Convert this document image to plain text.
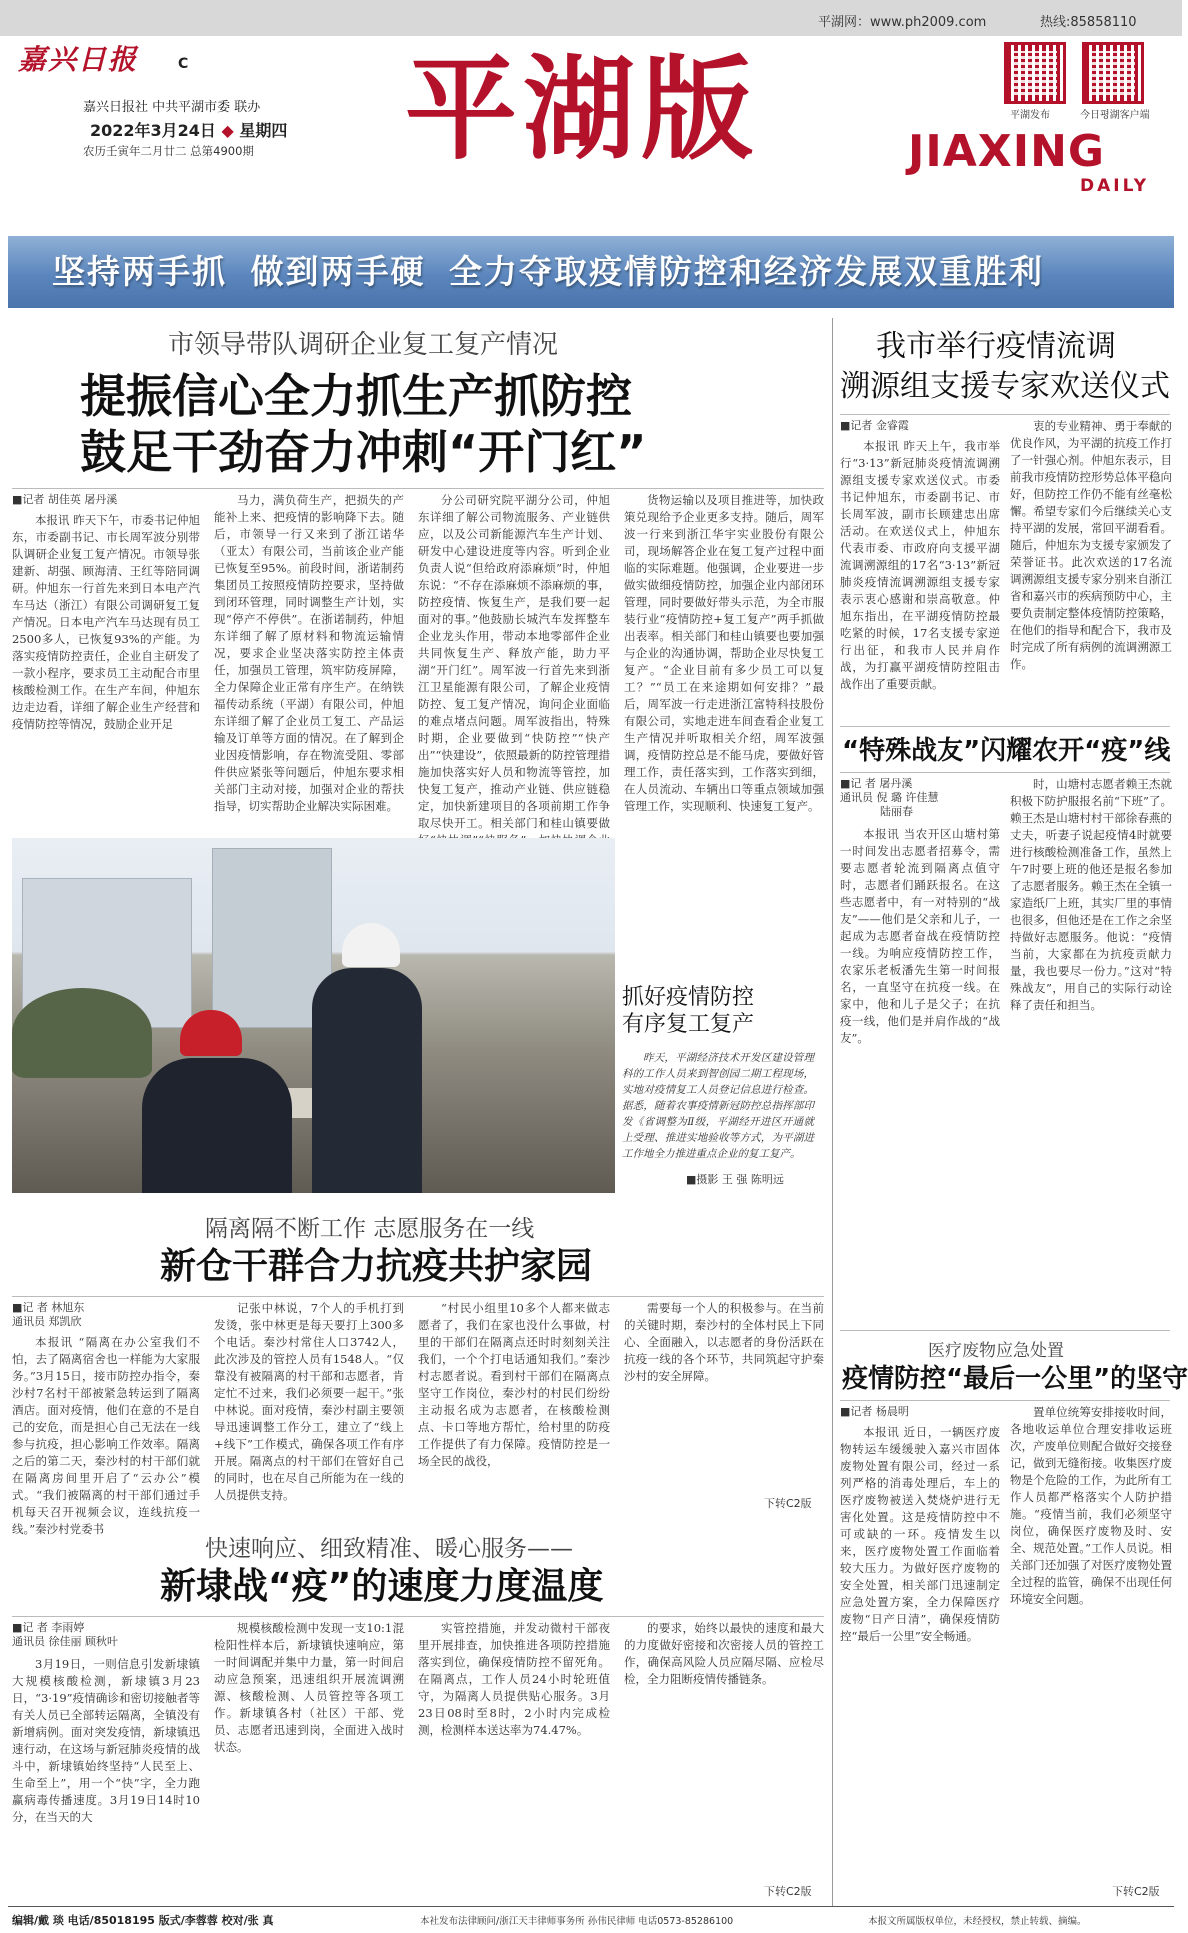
平湖网：www.ph2009.com	热线:85858110
嘉兴日报	C
嘉兴日报社 中共平湖市委 联办
2022年3月24日 ◆ 星期四
农历壬寅年二月廿二 总第4900期 平湖版	平湖发布	今日평湖客户端
JIAXING
DAILY
坚持两手抓 做到两手硬 全力夺取疫情防控和经济发展双重胜利
市领导带队调研企业复工复产情况
提振信心全力抓生产抓防控
鼓足干劲奋力冲刺“开门红”
■记者 胡佳英 屠丹溪
本报讯 昨天下午，市委书记仲旭东，市委副书记、市长周军波分别带队调研企业复工复产情况。市领导张建新、胡强、顾海清、王红等陪同调研。仲旭东一行首先来到日本电产汽车马达（浙江）有限公司调研复工复产情况。日本电产汽车马达现有员工2500多人，已恢复93%的产能。为落实疫情防控责任，企业自主研发了一款小程序，要求员工主动配合市里核酸检测工作。在生产车间，仲旭东边走边看，详细了解企业生产经营和疫情防控等情况，鼓励企业开足
马力，满负荷生产，把损失的产能补上来、把疫情的影响降下去。随后，市领导一行又来到了浙江诺华（亚太）有限公司，当前该企业产能已恢复至95%。前段时间，浙诺制药集团员工按照疫情防控要求，坚持做到闭环管理，同时调整生产计划，实现“停产不停供”。在浙诺制药，仲旭东详细了解了原材料和物流运输情况，要求企业坚决落实防控主体责任，加强员工管理，筑牢防疫屏障，全力保障企业正常有序生产。在纳铁福传动系统（平湖）有限公司，仲旭东详细了解了企业员工复工、产品运输及订单等方面的情况。在了解到企业因疫情影响，存在物流受阻、零部件供应紧张等问题后，仲旭东要求相关部门主动对接，加强对企业的帮扶指导，切实帮助企业解决实际困难。
分公司研究院平湖分公司，仲旭东详细了解公司物流服务、产业链供应，以及公司新能源汽车生产计划、研发中心建设进度等内容。听到企业负责人说“但给政府添麻烦”时，仲旭东说：“不存在添麻烦不添麻烦的事，防控疫情、恢复生产，是我们要一起面对的事。”他鼓励长城汽车发挥整车企业龙头作用，带动本地零部件企业共同恢复生产、释放产能，助力平湖“开门红”。周军波一行首先来到浙江卫星能源有限公司，了解企业疫情防控、复工复产情况，询问企业面临的难点堵点问题。周军波指出，特殊时期，企业要做到“快防控”“快产出”“快建设”，依照最新的防控管理措施加快落实好人员和物流等管控，加快复工复产，推动产业链、供应链稳定，加快新建项目的各项前期工作争取尽快开工。相关部门和桂山镇要做
货物运输以及项目推进等，加快政策兑现给予企业更多支持。随后，周军波一行来到浙江华宇实业股份有限公司，现场解答企业在复工复产过程中面临的实际难题。他强调，企业要进一步做实做细疫情防控，加强企业内部闭环管理，同时要做好带头示范，为全市服装行业“疫情防控+复工复产”两手抓做出表率。相关部门和桂山镇要也要加强与企业的沟通协调，帮助企业尽快复工复产。“企业目前有多少员工可以复工？”“员工在来途期如何安排？”最后，周军波一行走进浙江富特科技股份有限公司，实地走进车间查看企业复工生产情况并听取相关介绍，周军波强调，疫情防控总是不能马虎，要做好管理工作，责任落实到，工作落实到细，在人员流动、车辆出口等重点领域加强管理工作，实现顺利、快速复工复产。
抓好疫情防控
有序复工复产
昨天，平湖经济技术开发区建设管理科的工作人员来到智创园二期工程现场，实地对疫情复工人员登记信息进行检查。据悉，随着农事疫情新冠防控总指挥部印发《省调整为Ⅱ级，平湖经开进区开通就上受理、推进实地验收等方式，为平湖进工作地全力推进重点企业的复工复产。
■摄影 王 强 陈明远
隔离隔不断工作 志愿服务在一线
新仓干群合力抗疫共护家园
■记 者 林旭东
通讯员 郑凯欣
本报讯 “隔离在办公室我们不怕，去了隔离宿舍也一样能为大家服务。”3月15日，接市防控办指令，秦沙村7名村干部被紧急转运到了隔离酒店。面对疫情，他们在意的不是自己的安危，而是担心自己无法在一线参与抗疫，担心影响工作效率。隔离之后的第二天，秦沙村的村干部们就在隔离房间里开启了“云办公”模式。“我们被隔离的村干部们通过手机每天召开视频会议，连线抗疫一线。”秦沙村党委书
记张中林说，7个人的手机打到发烫，张中林更是每天要打上300多个电话。秦沙村常住人口3742人，此次涉及的管控人员有1548人。“仅靠没有被隔离的村干部和志愿者，肯定忙不过来，我们必须要一起干。”张中林说。面对疫情，秦沙村副主要领导迅速调整工作分工，建立了“线上+线下”工作模式，确保各项工作有序开展。隔离点的村干部们在管好自己的同时，也在尽自己所能为在一线的人员提供支持。
“村民小组里10多个人都来做志愿者了，我们在家也没什么事做，村里的干部们在隔离点还时时刻刻关注我们，一个个打电话通知我们。”秦沙村志愿者说。看到村干部们在隔离点坚守工作岗位，秦沙村的村民们纷纷主动报名成为志愿者，在核酸检测点、卡口等地方帮忙，给村里的防疫工作提供了有力保障。疫情防控是一场全民的战役，
需要每一个人的积极参与。在当前的关键时期，秦沙村的全体村民上下同心、全面融入，以志愿者的身份活跃在抗疫一线的各个环节，共同筑起守护秦沙村的安全屏障。
下转C2版
快速响应、细致精准、暖心服务——
新埭战“疫”的速度力度温度
■记 者 李雨婷
通讯员 徐佳丽 顾秋叶
3月19日，一则信息引发新埭镇大规模核酸检测，新埭镇3月23日，“3·19”疫情确诊和密切接触者等有关人员已全部转运隔离，全镇没有新增病例。面对突发疫情，新埭镇迅速行动，在这场与新冠肺炎疫情的战斗中，新埭镇始终坚持“人民至上、生命至上”，用一个“快”字，全力跑赢病毒传播速度。3月19日14时10分，在当天的大
规模核酸检测中发现一支10:1混检阳性样本后，新埭镇快速响应，第一时间调配并集中力量，第一时间启动应急预案，迅速组织开展流调溯源、核酸检测、人员管控等各项工作。新埭镇各村（社区）干部、党员、志愿者迅速到岗，全面进入战时状态。
实管控措施，并发动微村干部夜里开展排查，加快推进各项防控措施落实到位，确保疫情防控不留死角。在隔离点，工作人员24小时轮班值守，为隔离人员提供贴心服务。3月23日08时至8时，2小时内完成检测，检测样本送达率为74.47%。
的要求，始终以最快的速度和最大的力度做好密接和次密接人员的管控工作，确保高风险人员应隔尽隔、应检尽检，全力阻断疫情传播链条。
下转C2版
我市举行疫情流调
溯源组支援专家欢送仪式
■记者 金睿霞
本报讯 昨天上午，我市举行“3·13”新冠肺炎疫情流调溯源组支援专家欢送仪式。市委书记仲旭东，市委副书记、市长周军波，副市长顾建忠出席活动。在欢送仪式上，仲旭东代表市委、市政府向支援平湖流调溯源组的17名“3·13”新冠肺炎疫情流调溯源组支援专家表示衷心感谢和崇高敬意。仲旭东指出，在平湖疫情防控最吃紧的时候，17名支援专家逆行出征，和我市人民并肩作战，为打赢平湖疫情防控阻击战作出了重要贡献。
衷的专业精神、勇于奉献的优良作风，为平湖的抗疫工作打了一针强心剂。仲旭东表示，目前我市疫情防控形势总体平稳向好，但防控工作仍不能有丝毫松懈。希望专家们今后继续关心支持平湖的发展，常回平湖看看。随后，仲旭东为支援专家颁发了荣誉证书。此次欢送的17名流调溯源组支援专家分别来自浙江省和嘉兴市的疾病预防中心，主要负责制定整体疫情防控策略，在他们的指导和配合下，我市及时完成了所有病例的流调溯源工作。
“特殊战友”闪耀农开“疫”线
■记 者 屠丹溪
通讯员 倪 璐 许佳慧
陆丽春
本报讯 当农开区山塘村第一时间发出志愿者招募令，需要志愿者轮流到隔离点值守时，志愿者们踊跃报名。在这些志愿者中，有一对特别的“战友”——他们是父亲和儿子，一起成为志愿者奋战在疫情防控一线。为响应疫情防控工作，农家乐老板潘先生第一时间报名，一直坚守在抗疫一线。在家中，他和儿子是父子；在抗疫一线，他们是并肩作战的“战友”。
时，山塘村志愿者赖王杰就积极下防护服报名前“下班”了。赖王杰是山塘村村干部徐春燕的丈夫，听妻子说起疫情4时就要进行核酸检测准备工作，虽然上午7时要上班的他还是报名参加了志愿者服务。赖王杰在全镇一家造纸厂上班，其实厂里的事情也很多，但他还是在工作之余坚持做好志愿服务。他说：“疫情当前，大家都在为抗疫贡献力量，我也要尽一份力。”这对“特殊战友”，用自己的实际行动诠释了责任和担当。
医疗废物应急处置
疫情防控“最后一公里”的坚守
■记者 杨晨明
本报讯 近日，一辆医疗废物转运车缓缓驶入嘉兴市固体废物处置有限公司，经过一系列严格的消毒处理后，车上的医疗废物被送入焚烧炉进行无害化处置。这是疫情防控中不可或缺的一环。疫情发生以来，医疗废物处置工作面临着较大压力。为做好医疗废物的安全处置，相关部门迅速制定应急处置方案，全力保障医疗废物“日产日清”，确保疫情防控“最后一公里”安全畅通。
置单位统筹安排接收时间，各地收运单位合理安排收运班次，产废单位则配合做好交接登记，做到无缝衔接。收集医疗废物是个危险的工作，为此所有工作人员都严格落实个人防护措施。“疫情当前，我们必须坚守岗位，确保医疗废物及时、安全、规范处置。”工作人员说。相关部门还加强了对医疗废物处置全过程的监管，确保不出现任何环境安全问题。
下转C2版
编辑/戴 琰 电话/85018195 版式/李蓉蓉 校对/张 真	本社发布法律顾问/浙江天丰律师事务所 孙伟民律师 电话0573-85286100	本报文所属版权单位，未经授权，禁止转载、摘编。
